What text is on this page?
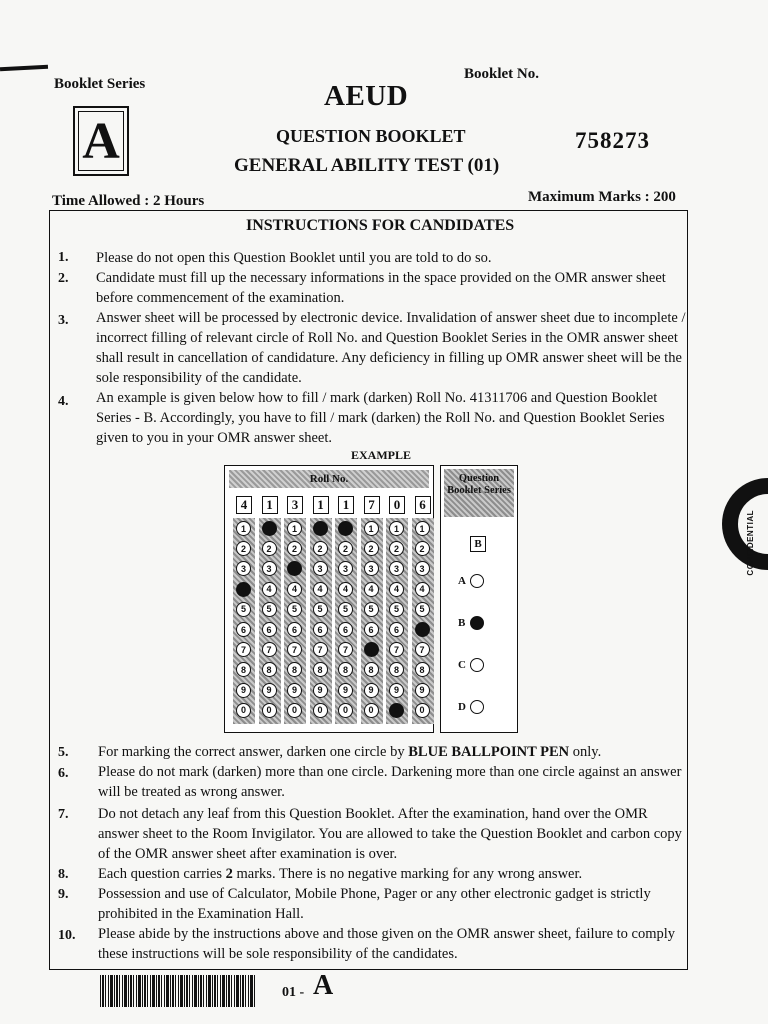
Booklet Series
A
AEUD
Booklet No.
758273
QUESTION BOOKLET
GENERAL ABILITY TEST (01)
Time Allowed : 2 Hours	Maximum Marks : 200
INSTRUCTIONS FOR CANDIDATES
1. Please do not open this Question Booklet until you are told to do so.
2. Candidate must fill up the necessary informations in the space provided on the OMR answer sheet before commencement of the examination.
3. Answer sheet will be processed by electronic device. Invalidation of answer sheet due to incomplete / incorrect filling of relevant circle of Roll No. and Question Booklet Series in the OMR answer sheet shall result in cancellation of candidature. Any deficiency in filling up OMR answer sheet will be the sole responsibility of the candidate.
4. An example is given below how to fill / mark (darken) Roll No. 41311706 and Question Booklet Series - B. Accordingly, you have to fill / mark (darken) the Roll No. and Question Booklet Series given to you in your OMR answer sheet.
EXAMPLE
Roll No.
4
1
2
3
4
5
6
7
8
9
0
1
1
2
3
4
5
6
7
8
9
0
3
1
2
3
4
5
6
7
8
9
0
1
1
2
3
4
5
6
7
8
9
0
1
1
2
3
4
5
6
7
8
9
0
7
1
2
3
4
5
6
7
8
9
0
0
1
2
3
4
5
6
7
8
9
0
6
1
2
3
4
5
6
7
8
9
0
Question Booklet Series
B
A
B
C
D
5. For marking the correct answer, darken one circle by BLUE BALLPOINT PEN only.
6. Please do not mark (darken) more than one circle. Darkening more than one circle against an answer will be treated as wrong answer.
7. Do not detach any leaf from this Question Booklet. After the examination, hand over the OMR answer sheet to the Room Invigilator. You are allowed to take the Question Booklet and carbon copy of the OMR answer sheet after examination is over.
8. Each question carries 2 marks. There is no negative marking for any wrong answer.
9. Possession and use of Calculator, Mobile Phone, Pager or any other electronic gadget is strictly prohibited in the Examination Hall.
10. Please abide by the instructions above and those given on the OMR answer sheet, failure to comply these instructions will be sole responsibility of the candidates.
CONFIDENTIAL
01 - A
